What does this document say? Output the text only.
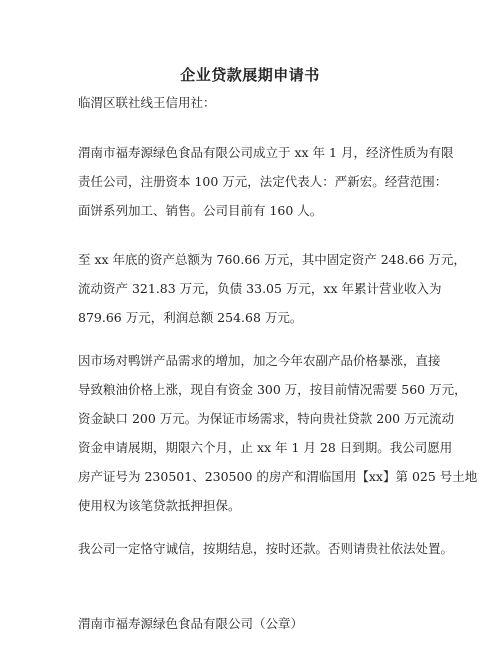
企业贷款展期申请书
临渭区联社线王信用社：
渭南市福寿源绿色食品有限公司成立于 xx 年 1 月，经济性质为有限
责任公司，注册资本 100 万元，法定代表人：严新宏。经营范围：
面饼系列加工、销售。公司目前有 160 人。
至 xx 年底的资产总额为 760.66 万元，其中固定资产 248.66 万元，
流动资产 321.83 万元，负债 33.05 万元，xx 年累计营业收入为
879.66 万元，利润总额 254.68 万元。
因市场对鸭饼产品需求的增加，加之今年农副产品价格暴涨，直接
导致粮油价格上涨，现自有资金 300 万，按目前情况需要 560 万元，
资金缺口 200 万元。为保证市场需求，特向贵社贷款 200 万元流动
资金申请展期，期限六个月，止 xx 年 1 月 28 日到期。我公司愿用
房产证号为 230501、230500 的房产和渭临国用【xx】第 025 号土地
使用权为该笔贷款抵押担保。
我公司一定恪守诚信，按期结息，按时还款。否则请贵社依法处置。
渭南市福寿源绿色食品有限公司（公章）
